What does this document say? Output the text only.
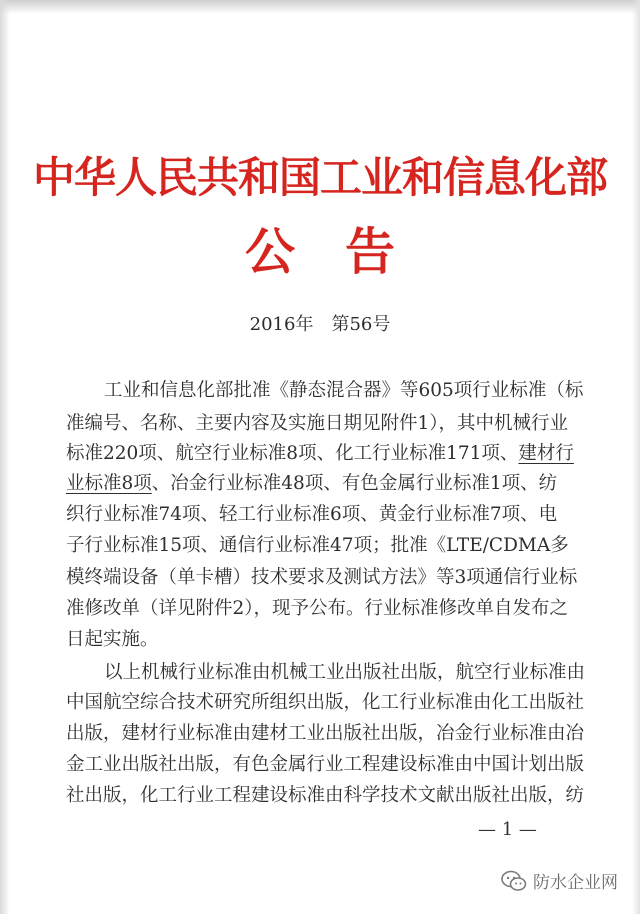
中华人民共和国工业和信息化部
公　告
2016年　第56号
工业和信息化部批准《静态混合器》等605项行业标准（标
准编号、名称、主要内容及实施日期见附件1），其中机械行业
标准220项、航空行业标准8项、化工行业标准171项、建材行
业标准8项、冶金行业标准48项、有色金属行业标准1项、纺
织行业标准74项、轻工行业标准6项、黄金行业标准7项、电
子行业标准15项、通信行业标准47项；批准《LTE/CDMA多
模终端设备（单卡槽）技术要求及测试方法》等3项通信行业标
准修改单（详见附件2），现予公布。行业标准修改单自发布之
日起实施。
以上机械行业标准由机械工业出版社出版，航空行业标准由
中国航空综合技术研究所组织出版，化工行业标准由化工出版社
出版，建材行业标准由建材工业出版社出版，冶金行业标准由冶
金工业出版社出版，有色金属行业工程建设标准由中国计划出版
社出版，化工行业工程建设标准由科学技术文献出版社出版，纺
— 1 —
防水企业网
